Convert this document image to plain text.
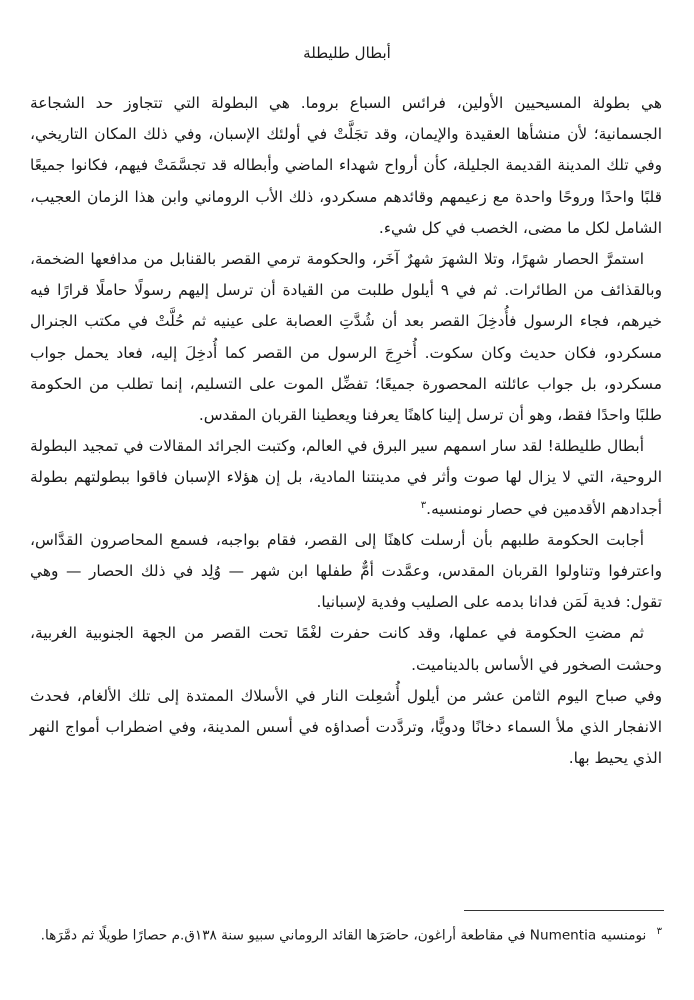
أبطال طليطلة

هي بطولة المسيحيين الأولين، فرائس السباع بروما. هي البطولة التي تتجاوز حد الشجاعة الجسمانية؛ لأن منشأها العقيدة والإيمان، وقد تجَلَّتْ في أولئك الإسبان، وفي ذلك المكان التاريخي، وفي تلك المدينة القديمة الجليلة، كأن أرواح شهداء الماضي وأبطاله قد تجسَّمَتْ فيهم، فكانوا جميعًا قلبًا واحدًا وروحًا واحدة مع زعيمهم وقائدهم مسكردو، ذلك الأب الروماني وابن هذا الزمان العجيب، الشامل لكل ما مضى، الخصب في كل شيء.

استمرَّ الحصار شهرًا، وتلا الشهرَ شهرٌ آخَر، والحكومة ترمي القصر بالقنابل من مدافعها الضخمة، وبالقذائف من الطائرات. ثم في ٩ أيلول طلبت من القيادة أن ترسل إليهم رسولًا حاملًا قرارًا فيه خيرهم، فجاء الرسول فأُدخِلَ القصر بعد أن شُدَّتِ العصابة على عينيه ثم حُلَّتْ في مكتب الجنرال مسكردو، فكان حديث وكان سكوت. أُخرِجَ الرسول من القصر كما أُدخِلَ إليه، فعاد يحمل جواب مسكردو، بل جواب عائلته المحصورة جميعًا؛ تفضِّل الموت على التسليم، إنما تطلب من الحكومة طلبًا واحدًا فقط، وهو أن ترسل إلينا كاهنًا يعرفنا ويعطينا القربان المقدس.

أبطال طليطلة! لقد سار اسمهم سير البرق في العالم، وكتبت الجرائد المقالات في تمجيد البطولة الروحية، التي لا يزال لها صوت وأثر في مدينتنا المادية، بل إن هؤلاء الإسبان فاقوا ببطولتهم بطولة أجدادهم الأقدمين في حصار نومنسيه.$^٣$

أجابت الحكومة طلبهم بأن أرسلت كاهنًا إلى القصر، فقام بواجبه، فسمع المحاصرون القدَّاس، واعترفوا وتناولوا القربان المقدس، وعمَّدت أمٌّ طفلها ابن شهر — وُلِد في ذلك الحصار — وهي تقول: فدية لَمَن فدانا بدمه على الصليب وفدية لإسبانيا.

ثم مضتِ الحكومة في عملها، وقد كانت حفرت لغْمًا تحت القصر من الجهة الجنوبية الغربية، وحشت الصخور في الأساس بالديناميت.

وفي صباح اليوم الثامن عشر من أيلول أُشعِلت النار في الأسلاك الممتدة إلى تلك الألغام، فحدث الانفجار الذي ملأ السماء دخانًا ودويًّا، وتردَّدت أصداؤه في أسس المدينة، وفي اضطراب أمواج النهر الذي يحيط بها.

$^٣$ نومنسيه Numentia في مقاطعة أراغون، حاصَرَها القائد الروماني سبيو سنة ١٣٨ق.م حصارًا طويلًا ثم دمَّرَها.
